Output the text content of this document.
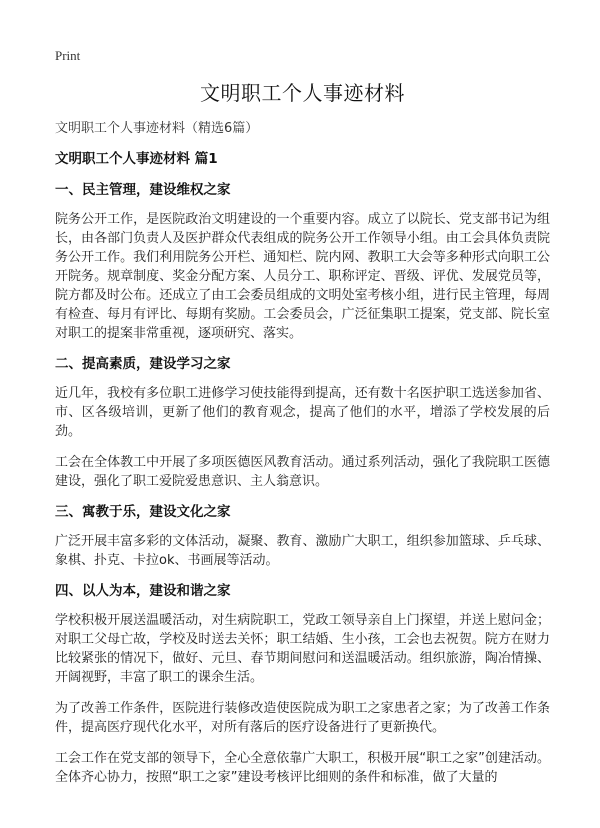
Print
文明职工个人事迹材料
文明职工个人事迹材料（精选6篇）
文明职工个人事迹材料 篇1
一、民主管理，建设维权之家

院务公开工作，是医院政治文明建设的一个重要内容。成立了以院长、党支部书记为组长，由各部门负责人及医护群众代表组成的院务公开工作领导小组。由工会具体负责院务公开工作。我们利用院务公开栏、通知栏、院内网、教职工大会等多种形式向职工公开院务。规章制度、奖金分配方案、人员分工、职称评定、晋级、评优、发展党员等，院方都及时公布。还成立了由工会委员组成的文明处室考核小组，进行民主管理，每周有检查、每月有评比、每期有奖励。工会委员会，广泛征集职工提案，党支部、院长室对职工的提案非常重视，逐项研究、落实。

二、提高素质，建设学习之家

近几年，我校有多位职工进修学习使技能得到提高，还有数十名医护职工选送参加省、市、区各级培训，更新了他们的教育观念，提高了他们的水平，增添了学校发展的后劲。

工会在全体教工中开展了多项医德医风教育活动。通过系列活动，强化了我院职工医德建设，强化了职工爱院爱患意识、主人翁意识。

三、寓教于乐，建设文化之家

广泛开展丰富多彩的文体活动，凝聚、教育、激励广大职工，组织参加篮球、乒乓球、象棋、扑克、卡拉ok、书画展等活动。

四、以人为本，建设和谐之家

学校积极开展送温暖活动，对生病院职工，党政工领导亲自上门探望，并送上慰问金；对职工父母亡故，学校及时送去关怀；职工结婚、生小孩，工会也去祝贺。院方在财力比较紧张的情况下，做好、元旦、春节期间慰问和送温暖活动。组织旅游，陶冶情操、开阔视野，丰富了职工的课余生活。

为了改善工作条件，医院进行装修改造使医院成为职工之家患者之家；为了改善工作条件，提高医疗现代化水平，对所有落后的医疗设备进行了更新换代。

工会工作在党支部的领导下，全心全意依靠广大职工，积极开展“职工之家”创建活动。全体齐心协力，按照“职工之家”建设考核评比细则的条件和标准，做了大量的
